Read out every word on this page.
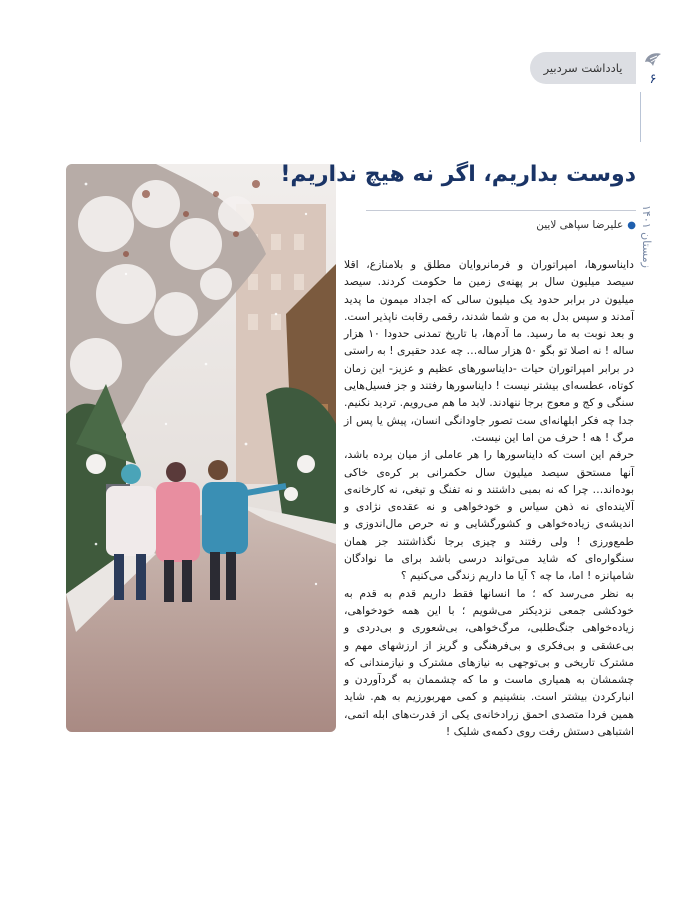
یادداشت سردبیر
۶
زمستان ۱۴۰۱
دوست بداریم، اگر نه هیچ نداریم!
●علیرضا سپاهی لایین

دایناسورها، امپراتوران و فرمانروایان مطلق و بلامنازع، اقلا سیصد میلیون سال بر پهنه‌ی زمین ما حکومت کردند. سیصد میلیون در برابر حدود یک میلیون سالی که اجداد میمون ما پدید آمدند و سپس بدل به من و شما شدند، رقمی رقابت ناپذیر است. و بعد نوبت به ما رسید. ما آدم‌ها، با تاریخ تمدنی حدودا ۱۰ هزار ساله ! نه اصلا تو بگو ۵۰ هزار ساله… چه عدد حقیری ! به راستی در برابر امپراتوران حیات -دایناسورهای عظیم و عزیز- این زمان کوتاه، عطسه‌ای بیشتر نیست ! دایناسورها رفتند و جز فسیل‌هایی سنگی و کج و معوج برجا ننهادند. لابد ما هم می‌رویم. تردید نکنیم. جدا چه فکر ابلهانه‌ای ست تصور جاودانگی انسان، پیش یا پس از مرگ ! هه ! حرف من اما این نیست.

حرفم این است که دایناسورها را هر عاملی از میان برده باشد، آنها مستحق سیصد میلیون سال حکمرانی بر کره‌ی خاکی بوده‌اند… چرا که نه بمبی داشتند و نه تفنگ و تیغی، نه کارخانه‌ی آلاینده‌ای نه ذهن سیاس و خودخواهی و نه عقده‌ی نژادی و اندیشه‌ی زیاده‌خواهی و کشورگشایی و نه حرص مال‌اندوزی و طمع‌ورزی ! ولی رفتند و چیزی برجا نگذاشتند جز همان سنگواره‌ای که شاید می‌تواند درسی باشد برای ما نوادگان شامپانزه ! اما، ما چه ؟ آیا ما داریم زندگی می‌کنیم ؟

به نظر می‌رسد که ؛ ما انسانها فقط داریم قدم به قدم به خودکشی جمعی نزدیکتر می‌شویم ؛ با این همه خودخواهی، زیاده‌خواهی جنگ‌طلبی، مرگ‌خواهی، بی‌شعوری و بی‌دردی و بی‌عشقی و بی‌فکری و بی‌فرهنگی و گریز از ارزشهای مهم و مشترک تاریخی و بی‌توجهی به نیازهای مشترک و نیازمندانی که چشمشان به همیاری ماست و ما که چشممان به گردآوردن و انبارکردن بیشتر است. بنشینیم و کمی مهربورزیم به هم. شاید همین فردا متصدی احمق زرادخانه‌ی یکی از قدرت‌های ابله اتمی، اشتباهی دستش رفت روی دکمه‌ی شلیک !
